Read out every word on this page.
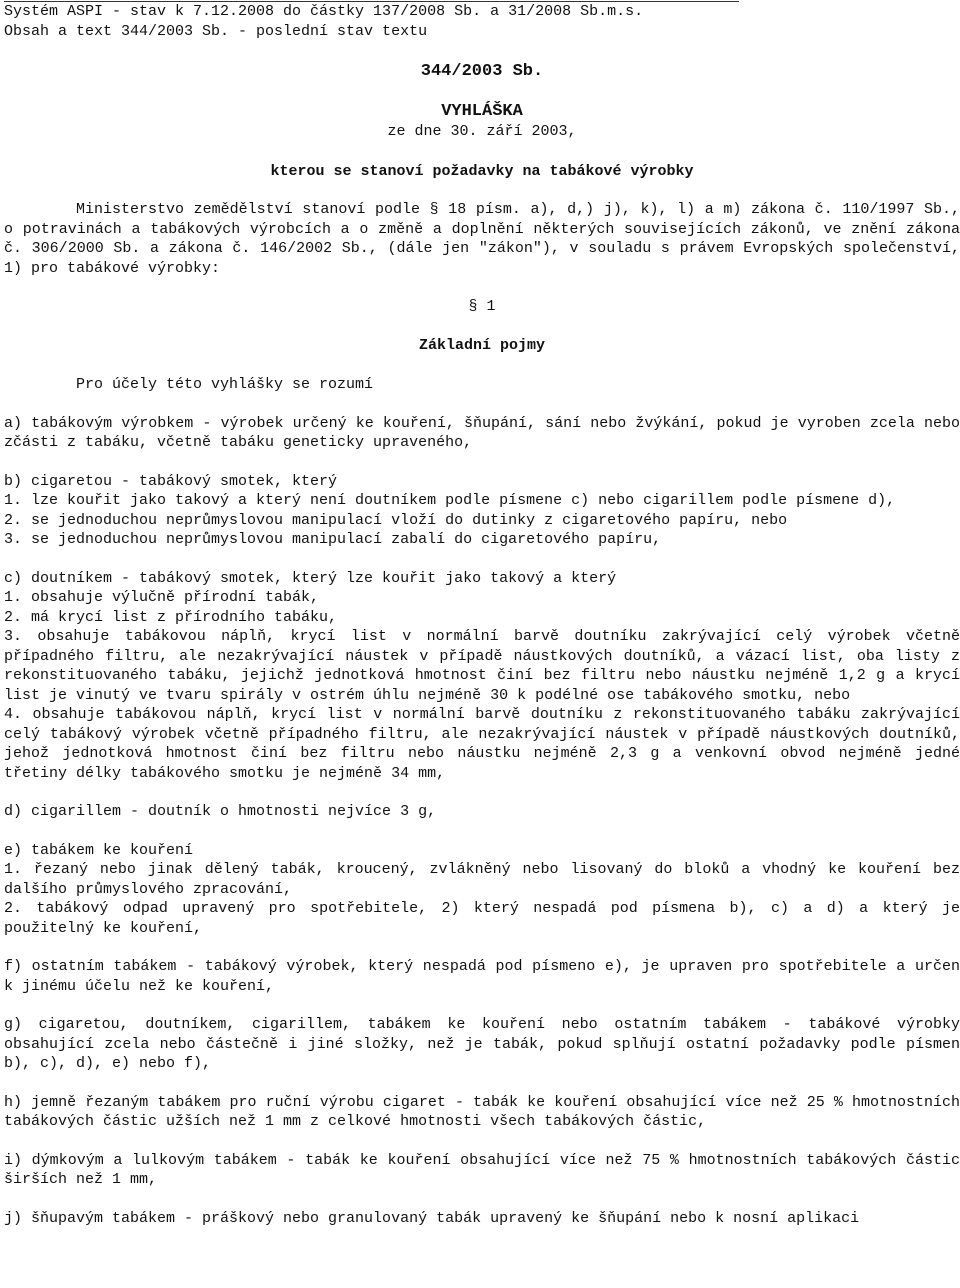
Systém ASPI - stav k 7.12.2008 do částky 137/2008 Sb. a 31/2008 Sb.m.s.
Obsah a text 344/2003 Sb. - poslední stav textu
344/2003 Sb.
VYHLÁŠKA
ze dne 30. září 2003,
kterou se stanoví požadavky na tabákové výrobky
Ministerstvo zemědělství stanoví podle § 18 písm. a), d,) j), k), l) a m) zákona č. 110/1997 Sb., o potravinách a tabákových výrobcích a o změně a doplnění některých souvisejících zákonů, ve znění zákona č. 306/2000 Sb. a zákona č. 146/2002 Sb., (dále jen "zákon"), v souladu s právem Evropských společenství, 1) pro tabákové výrobky:
§ 1
Základní pojmy
Pro účely této vyhlášky se rozumí
a) tabákovým výrobkem - výrobek určený ke kouření, šňupání, sání nebo žvýkání, pokud je vyroben zcela nebo zčásti z tabáku, včetně tabáku geneticky upraveného,
b) cigaretou - tabákový smotek, který
1. lze kouřit jako takový a který není doutníkem podle písmene c) nebo cigarillem podle písmene d),
2. se jednoduchou neprůmyslovou manipulací vloží do dutinky z cigaretového papíru, nebo
3. se jednoduchou neprůmyslovou manipulací zabalí do cigaretového papíru,
c) doutníkem - tabákový smotek, který lze kouřit jako takový a který
1. obsahuje výlučně přírodní tabák,
2. má krycí list z přírodního tabáku,
3. obsahuje tabákovou náplň, krycí list v normální barvě doutníku zakrývající celý výrobek včetně případného filtru, ale nezakrývající náustek v případě náustkových doutníků, a vázací list, oba listy z rekonstituovaného tabáku, jejichž jednotková hmotnost činí bez filtru nebo náustku nejméně 1,2 g a krycí list je vinutý ve tvaru spirály v ostrém úhlu nejméně 30 k podélné ose tabákového smotku, nebo
4. obsahuje tabákovou náplň, krycí list v normální barvě doutníku z rekonstituovaného tabáku zakrývající celý tabákový výrobek včetně případného filtru, ale nezakrývající náustek v případě náustkových doutníků, jehož jednotková hmotnost činí bez filtru nebo náustku nejméně 2,3 g a venkovní obvod nejméně jedné třetiny délky tabákového smotku je nejméně 34 mm,
d) cigarillem - doutník o hmotnosti nejvíce 3 g,
e) tabákem ke kouření
1. řezaný nebo jinak dělený tabák, kroucený, zvlákněný nebo lisovaný do bloků a vhodný ke kouření bez dalšího průmyslového zpracování,
2. tabákový odpad upravený pro spotřebitele, 2) který nespadá pod písmena b), c) a d) a který je použitelný ke kouření,
f) ostatním tabákem - tabákový výrobek, který nespadá pod písmeno e), je upraven pro spotřebitele a určen k jinému účelu než ke kouření,
g) cigaretou, doutníkem, cigarillem, tabákem ke kouření nebo ostatním tabákem - tabákové výrobky obsahující zcela nebo částečně i jiné složky, než je tabák, pokud splňují ostatní požadavky podle písmen b), c), d), e) nebo f),
h) jemně řezaným tabákem pro ruční výrobu cigaret - tabák ke kouření obsahující více než 25 % hmotnostních tabákových částic užších než 1 mm z celkové hmotnosti všech tabákových částic,
i) dýmkovým a lulkovým tabákem - tabák ke kouření obsahující více než 75 % hmotnostních tabákových částic širších než 1 mm,
j) šňupavým tabákem - práškový nebo granulovaný tabák upravený ke šňupání nebo k nosní aplikaci
